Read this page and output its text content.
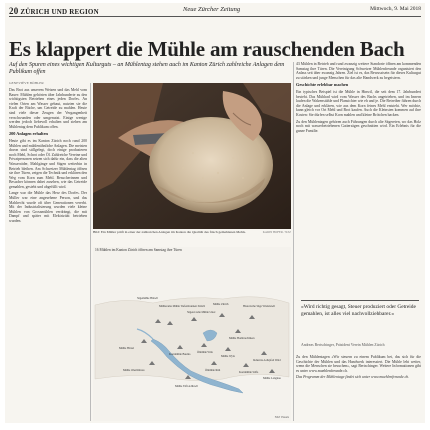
20 ZÜRICH UND REGION	Neue Zürcher Zeitung	Mittwoch, 9. Mai 2018
Es klappert die Mühle am rauschenden Bach
Auf den Spuren eines wichtigen Kulturguts – an Mühlentag stehen auch im Kanton Zürich zahlreiche Anlagen dem Publikum offen
GENEVIÈVE BÖHLER

Das Brot aus unserem Weizen und das Mehl vom Bauer: Mühlen gehörten über Jahrhunderte zu den wichtigsten Betrieben eines jeden Dorfes. An vielen Orten am Wasser gebaut, nutzten sie die Kraft der Bäche, um Getreide zu mahlen. Heute sind viele dieser Zeugen der Vergangenheit verschwunden oder umgenutzt. Einige wenige werden jedoch liebevoll erhalten und stehen am Mühlentag dem Publikum offen.

200 Anlagen erhalten

Heute gibt es im Kanton Zürich noch rund 200 Mühlen und mühlenähnliche Anlagen. Die meisten davon sind stillgelegt, doch einige produzieren noch Mehl, Schrot oder Öl. Zahlreiche Vereine und Privatpersonen setzen sich dafür ein, dass die alten Wasserräder, Mahlgänge und Sägen weiterhin in Betrieb bleiben. Am Schweizer Mühlentag öffnen sie ihre Türen, zeigen die Technik und erklären den Weg vom Korn zum Mehl. Besucherinnen und Besucher können dabei zusehen, wie das Getreide gemahlen, gesiebt und abgefüllt wird.

Lange war die Mühle das Herz des Dorfes. Der Müller war eine angesehene Person, und das Mahlrecht wurde oft über Generationen vererbt. Mit der Industrialisierung wurden viele kleine Mühlen von Grossmühlen verdrängt, die mit Dampf und später mit Elektrizität betrieben wurden.

Bild: Ein Müller prüft in einer der zahlreichen Anlagen im Kanton die Qualität des frisch gemahlenen Mehls.	KARIN HOFER / NZZ
16 Mühlen im Kanton Zürich öffnen am Samstag ihre Türen
Sägemühle Hinwil
Mühlerama Mühle Tiefenbrunnen Zürich
Sägerei Alte Mühle Uster
Mühle Zürich
Historische Säge Wädenswil
Mühle Hirzel
Kornmühle Bauma
Ölmühle Wila
Mühle Wyla
Industrie-Lehrpfad Wald
Mühle Oberhittnau
Mühle Tüfi Adliswil
Ölmühle Rüti
Kornmühle Stäfa
Mühle Langnau
Mühle Hombrechtikon
NZZ Visuals

43 Mühlen in Betrieb und rund zwanzig weitere Standorte öffnen am kommenden Samstag ihre Türen. Die Vereinigung Schweizer Mühlenfreunde organisiert den Anlass seit über zwanzig Jahren. Ziel ist es, das Bewusstsein für dieses Kulturgut zu stärken und junge Menschen für das alte Handwerk zu begeistern.

Geschichte erlebbar machen

Ein typisches Beispiel ist die Mühle in Hinwil, die seit dem 17. Jahrhundert besteht. Das Mühlrad wird vom Wasser des Bachs angetrieben, und im Innern laufen die Walzenstühle und Plansichter wie eh und je. Die Betreiber führen durch die Anlage und erklären, wie aus dem Korn feines Mehl entsteht. Wer möchte, kann gleich vor Ort Mehl und Brot kaufen. Auch die Kleinsten kommen auf ihre Kosten: Sie dürfen selbst Korn mahlen und kleine Brötchen backen.

Zu den Mühlentagen gehören auch Führungen durch alte Sägereien, wo das Holz noch mit wasserbetriebenen Gattersägen geschnitten wird. Ein Erlebnis für die ganze Familie.

«Wird richtig gesagt, Steuer produziert oder Getreide gemahlen, ist alles viel nachvollziehbarer.»
Andreas Bertschinger, Präsident Verein Mühlen Zürich

Zu den Mühlentagen «Wir steuern zu einem Publikum bei, das sich für die Geschichte der Mühlen und das Handwerk interessiert. Die Mühle lebt weiter, wenn die Menschen sie besuchen», sagt Bertschinger. Weitere Informationen gibt es unter www.muehlenfreunde.ch.

Das Programm der Mühlentage findet sich unter www.muehlenfreunde.ch.
